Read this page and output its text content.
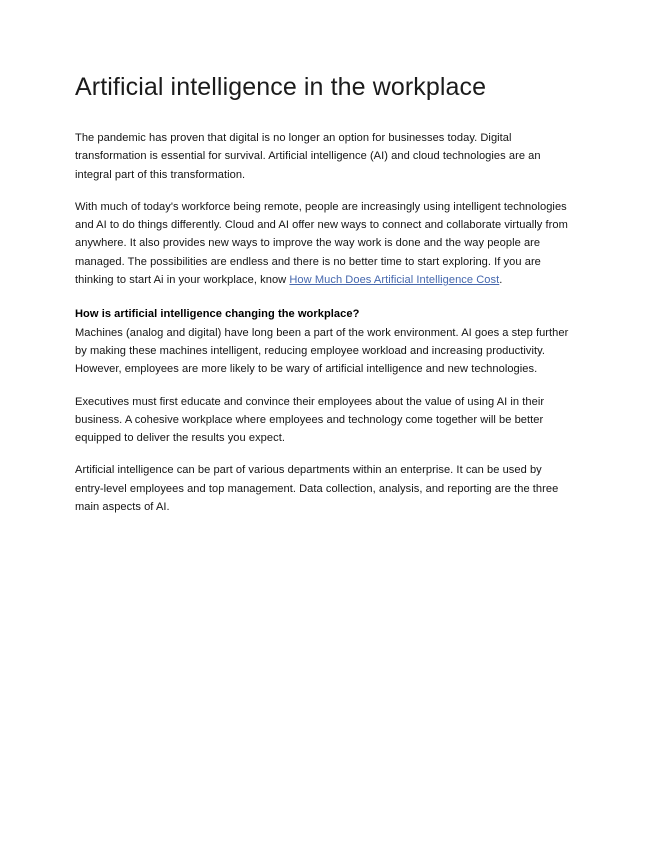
Artificial intelligence in the workplace

The pandemic has proven that digital is no longer an option for businesses today. Digital transformation is essential for survival. Artificial intelligence (AI) and cloud technologies are an integral part of this transformation.

With much of today's workforce being remote, people are increasingly using intelligent technologies and AI to do things differently. Cloud and AI offer new ways to connect and collaborate virtually from anywhere. It also provides new ways to improve the way work is done and the way people are managed. The possibilities are endless and there is no better time to start exploring. If you are thinking to start Ai in your workplace, know How Much Does Artificial Intelligence Cost.

How is artificial intelligence changing the workplace?

Machines (analog and digital) have long been a part of the work environment. AI goes a step further by making these machines intelligent, reducing employee workload and increasing productivity. However, employees are more likely to be wary of artificial intelligence and new technologies.

Executives must first educate and convince their employees about the value of using AI in their business. A cohesive workplace where employees and technology come together will be better equipped to deliver the results you expect.

Artificial intelligence can be part of various departments within an enterprise. It can be used by entry-level employees and top management. Data collection, analysis, and reporting are the three main aspects of AI.
